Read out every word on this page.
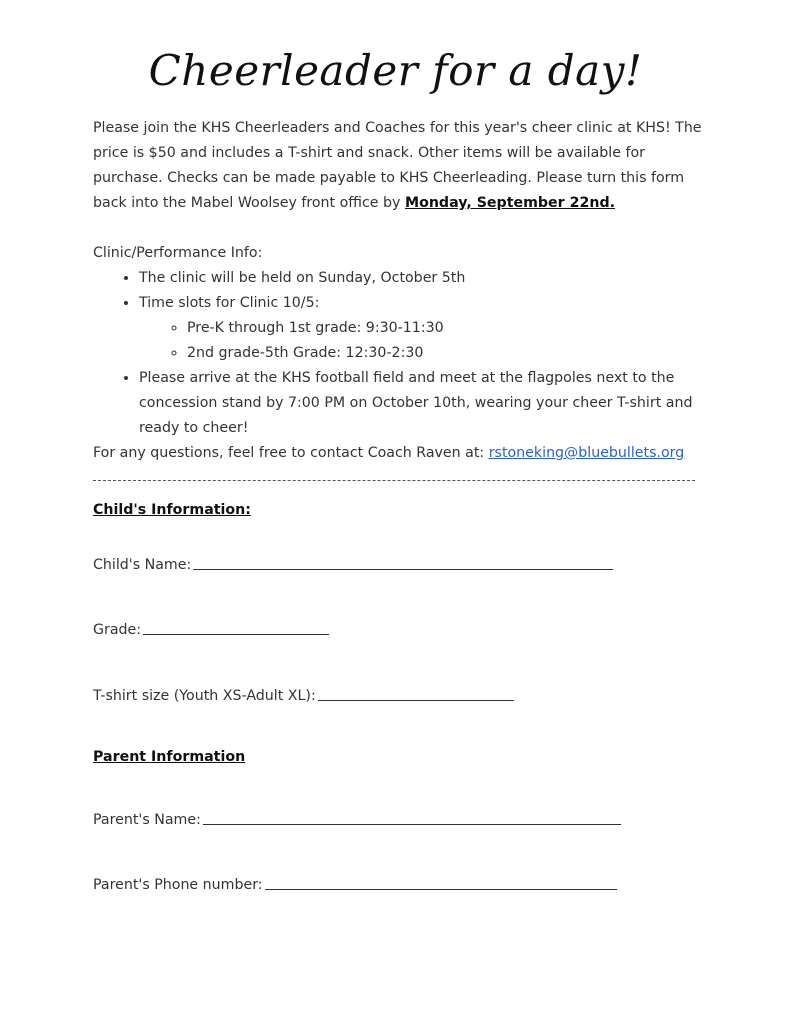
Cheerleader for a day!

Please join the KHS Cheerleaders and Coaches for this year's cheer clinic at KHS! The price is $50 and includes a T-shirt and snack. Other items will be available for purchase. Checks can be made payable to KHS Cheerleading. Please turn this form back into the Mabel Woolsey front office by Monday, September 22nd.

Clinic/Performance Info:

• The clinic will be held on Sunday, October 5th
• Time slots for Clinic 10/5:
◦ Pre-K through 1st grade: 9:30-11:30
◦ 2nd grade-5th Grade: 12:30-2:30
• Please arrive at the KHS football field and meet at the flagpoles next to the concession stand by 7:00 PM on October 10th, wearing your cheer T-shirt and ready to cheer!

For any questions, feel free to contact Coach Raven at: rstoneking@bluebullets.org

Child's Information:
Child's Name:
Grade:
T-shirt size (Youth XS-Adult XL):
Parent Information
Parent's Name:
Parent's Phone number:
